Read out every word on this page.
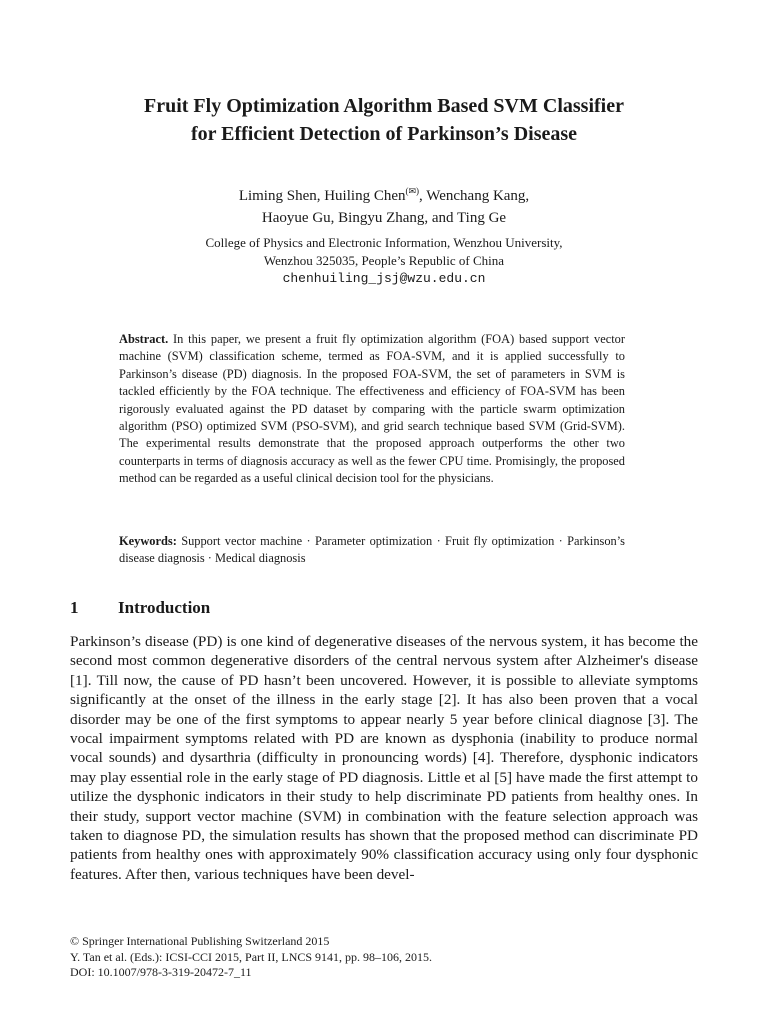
Fruit Fly Optimization Algorithm Based SVM Classifier
for Efficient Detection of Parkinson’s Disease
Liming Shen, Huiling Chen(✉), Wenchang Kang,
Haoyue Gu, Bingyu Zhang, and Ting Ge
College of Physics and Electronic Information, Wenzhou University,
Wenzhou 325035, People’s Republic of China
chenhuiling_jsj@wzu.edu.cn
Abstract. In this paper, we present a fruit fly optimization algorithm (FOA) based support vector machine (SVM) classification scheme, termed as FOA-SVM, and it is applied successfully to Parkinson’s disease (PD) diagnosis. In the proposed FOA-SVM, the set of parameters in SVM is tackled efficiently by the FOA technique. The effectiveness and efficiency of FOA-SVM has been rigorously evaluated against the PD dataset by comparing with the particle swarm optimization algorithm (PSO) optimized SVM (PSO-SVM), and grid search technique based SVM (Grid-SVM). The experimental results demonstrate that the proposed approach outperforms the other two counterparts in terms of diagnosis accuracy as well as the fewer CPU time. Promisingly, the proposed method can be regarded as a useful clinical decision tool for the physicians.
Keywords: Support vector machine · Parameter optimization · Fruit fly optimization · Parkinson’s disease diagnosis · Medical diagnosis
1 Introduction
Parkinson’s disease (PD) is one kind of degenerative diseases of the nervous system, it has become the second most common degenerative disorders of the central nervous system after Alzheimer's disease [1]. Till now, the cause of PD hasn’t been uncovered. However, it is possible to alleviate symptoms significantly at the onset of the illness in the early stage [2]. It has also been proven that a vocal disorder may be one of the first symptoms to appear nearly 5 year before clinical diagnose [3]. The vocal impairment symptoms related with PD are known as dysphonia (inability to produce normal vocal sounds) and dysarthria (difficulty in pronouncing words) [4]. Therefore, dysphonic indicators may play essential role in the early stage of PD diagnosis. Little et al [5] have made the first attempt to utilize the dysphonic indicators in their study to help discriminate PD patients from healthy ones. In their study, support vector machine (SVM) in combination with the feature selection approach was taken to diagnose PD, the simulation results has shown that the proposed method can discriminate PD patients from healthy ones with approximately 90% classification accuracy using only four dysphonic features. After then, various techniques have been devel-
© Springer International Publishing Switzerland 2015
Y. Tan et al. (Eds.): ICSI-CCI 2015, Part II, LNCS 9141, pp. 98–106, 2015.
DOI: 10.1007/978-3-319-20472-7_11
